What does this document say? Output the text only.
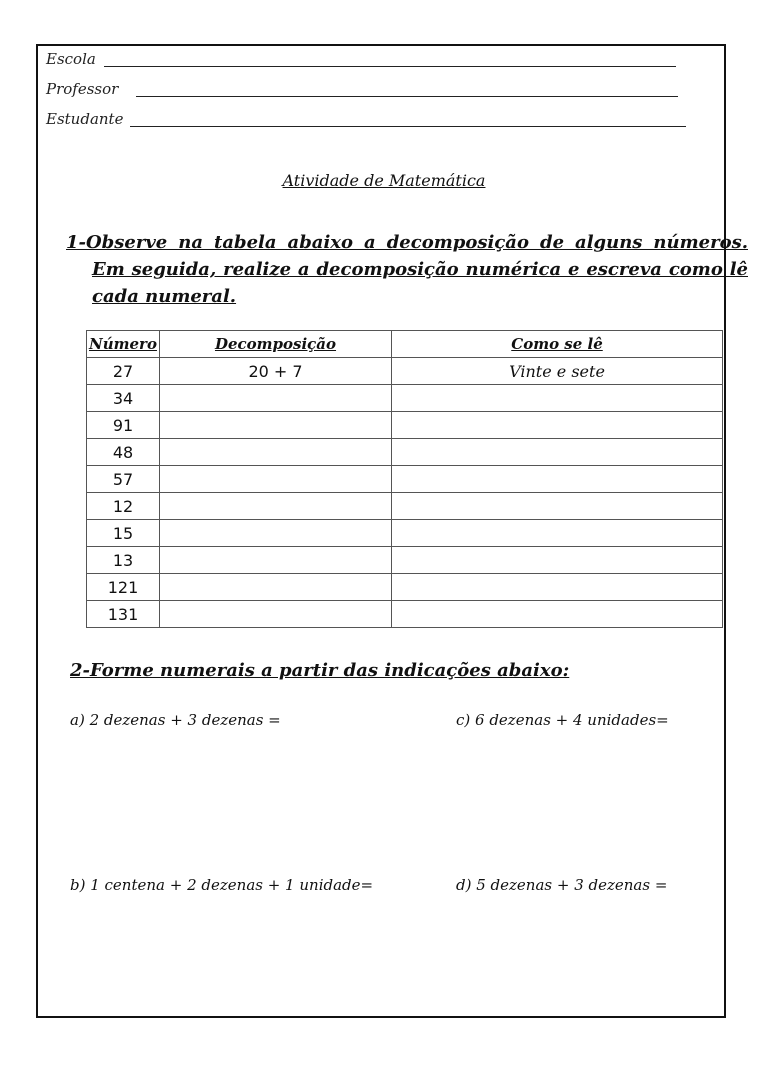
Escola
Professor
Estudante
Atividade de Matemática
1-Observe na tabela abaixo a decomposição de alguns números. Em seguida, realize a decomposição numérica e escreva como lê cada numeral.
Número	Decomposição	Como se lê
27	20 + 7	Vinte e sete
34		
91		
48		
57		
12		
15		
13		
121		
131		
2-Forme numerais a partir das indicações abaixo:
a) 2 dezenas + 3 dezenas =	c) 6 dezenas + 4 unidades=
b) 1 centena + 2 dezenas + 1 unidade=	d) 5 dezenas + 3 dezenas =
